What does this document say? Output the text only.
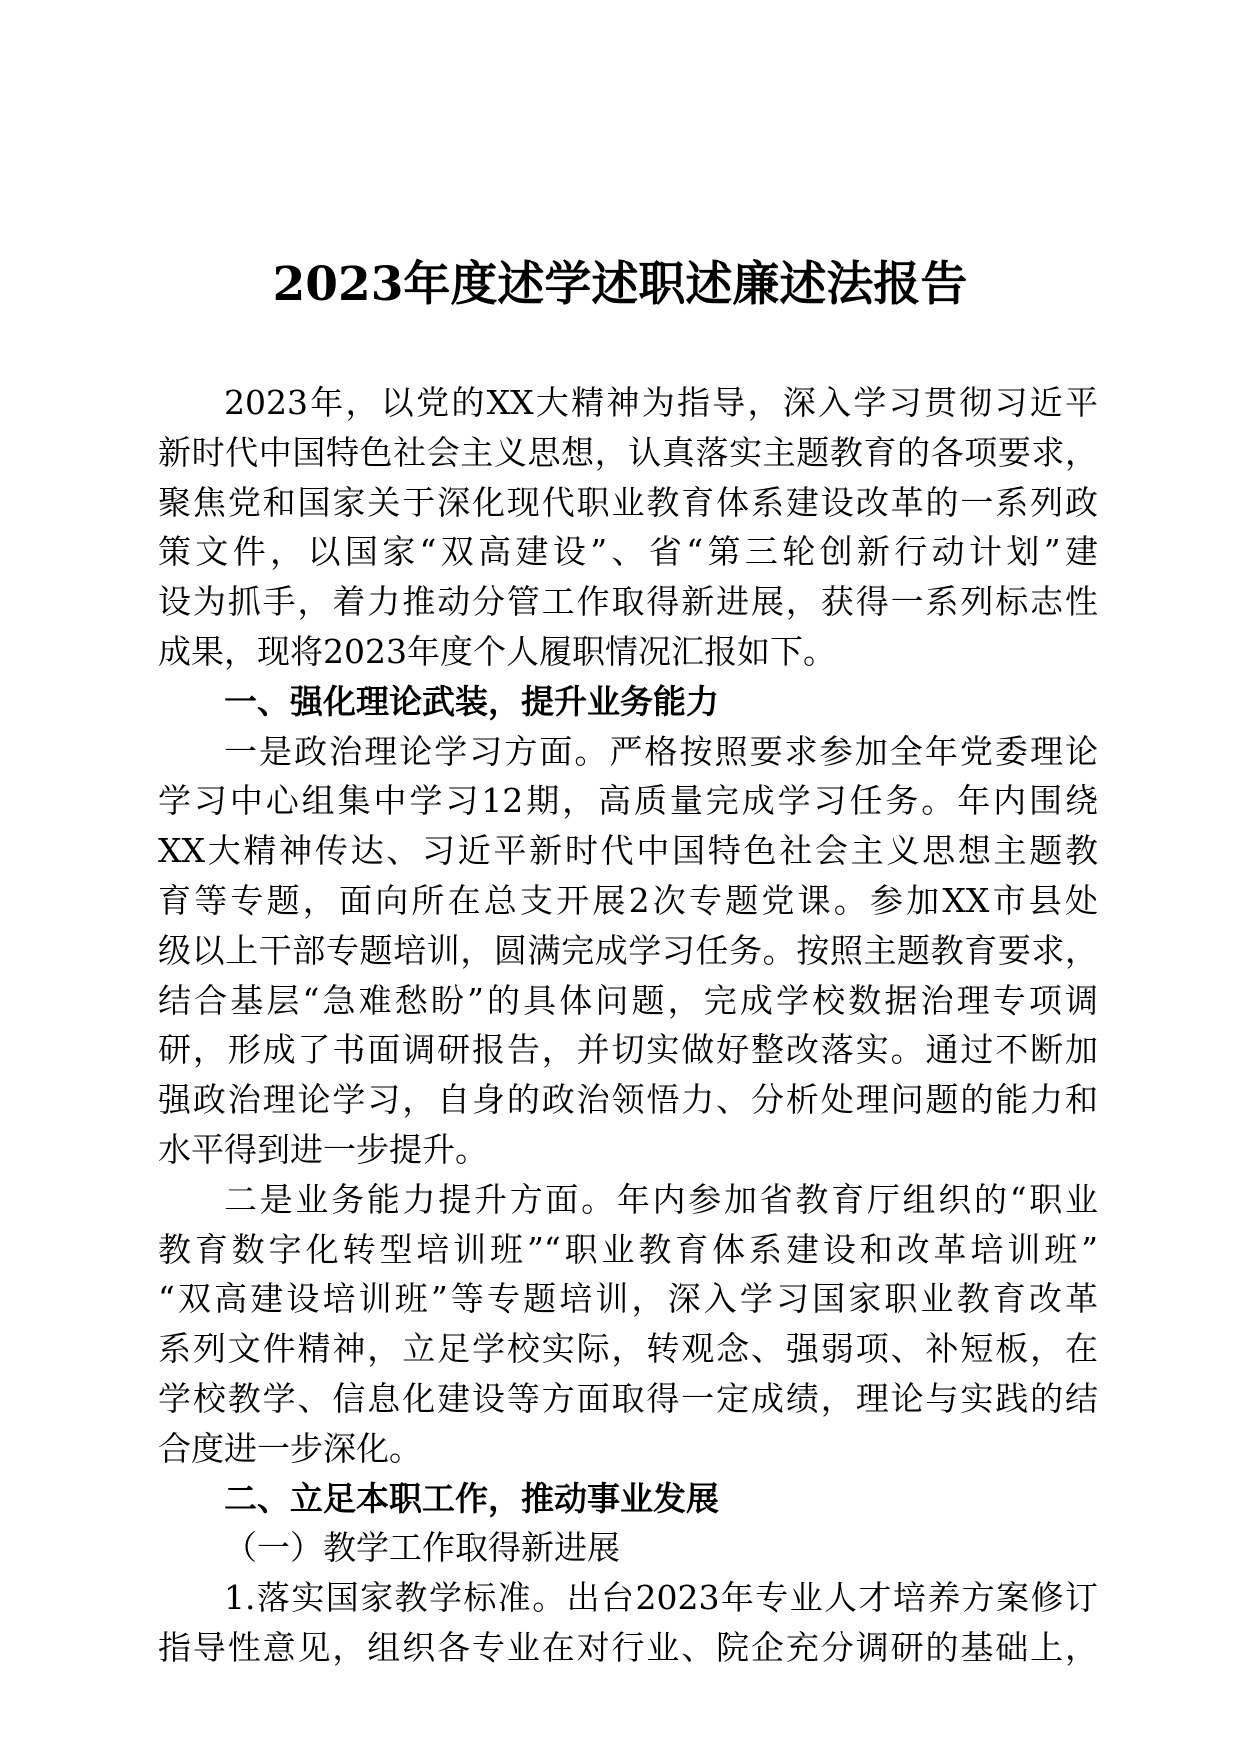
2023年度述学述职述廉述法报告
2023年，以党的XX大精神为指导，深入学习贯彻习近平
新时代中国特色社会主义思想，认真落实主题教育的各项要求，
聚焦党和国家关于深化现代职业教育体系建设改革的一系列政
策文件，以国家“双高建设”、省“第三轮创新行动计划”建
设为抓手，着力推动分管工作取得新进展，获得一系列标志性
成果，现将2023年度个人履职情况汇报如下。
一、强化理论武装，提升业务能力
一是政治理论学习方面。严格按照要求参加全年党委理论
学习中心组集中学习12期，高质量完成学习任务。年内围绕
XX大精神传达、习近平新时代中国特色社会主义思想主题教
育等专题，面向所在总支开展2次专题党课。参加XX市县处
级以上干部专题培训，圆满完成学习任务。按照主题教育要求，
结合基层“急难愁盼”的具体问题，完成学校数据治理专项调
研，形成了书面调研报告，并切实做好整改落实。通过不断加
强政治理论学习，自身的政治领悟力、分析处理问题的能力和
水平得到进一步提升。
二是业务能力提升方面。年内参加省教育厅组织的“职业
教育数字化转型培训班”“职业教育体系建设和改革培训班”
“双高建设培训班”等专题培训，深入学习国家职业教育改革
系列文件精神，立足学校实际，转观念、强弱项、补短板，在
学校教学、信息化建设等方面取得一定成绩，理论与实践的结
合度进一步深化。
二、立足本职工作，推动事业发展
（一）教学工作取得新进展
1.落实国家教学标准。出台2023年专业人才培养方案修订
指导性意见，组织各专业在对行业、院企充分调研的基础上，
